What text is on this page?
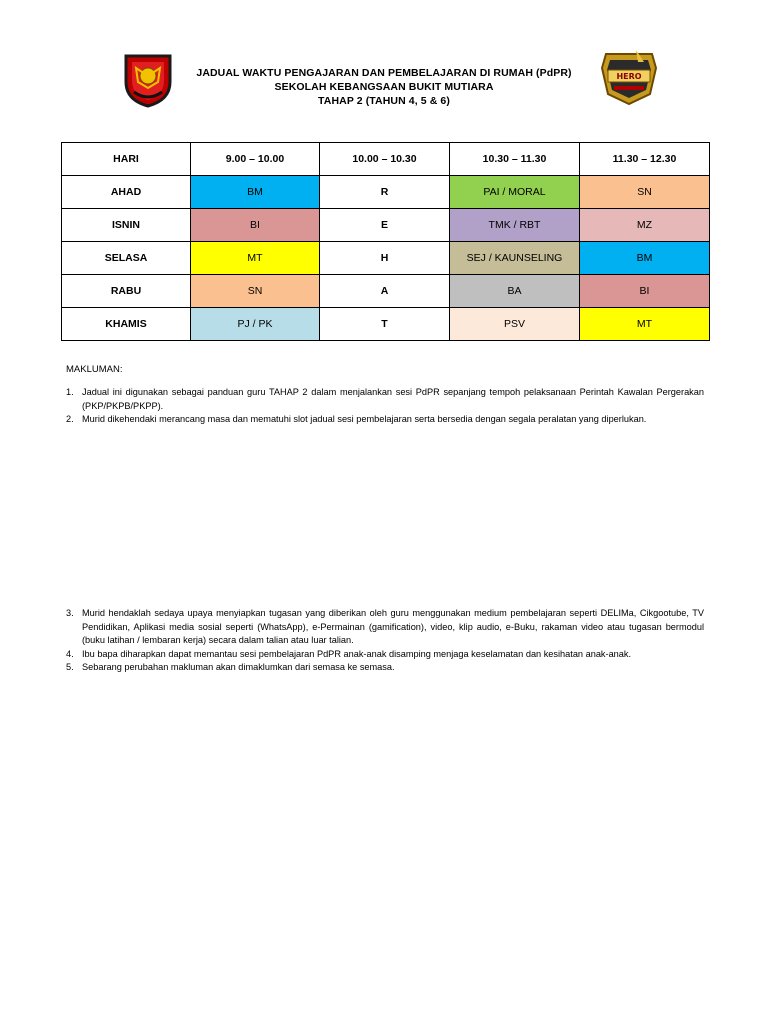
JADUAL WAKTU PENGAJARAN DAN PEMBELAJARAN DI RUMAH (PdPR)
SEKOLAH KEBANGSAAN BUKIT MUTIARA
TAHAP 2 (TAHUN 4, 5 & 6)
HERO
HARI	9.00 – 10.00	10.00 – 10.30	10.30 – 11.30	11.30 – 12.30
AHAD	BM	R	PAI / MORAL	SN
ISNIN	BI	E	TMK / RBT	MZ
SELASA	MT	H	SEJ / KAUNSELING	BM
RABU	SN	A	BA	BI
KHAMIS	PJ / PK	T	PSV	MT
MAKLUMAN:
1. Jadual ini digunakan sebagai panduan guru TAHAP 2 dalam menjalankan sesi PdPR sepanjang tempoh pelaksanaan Perintah Kawalan Pergerakan (PKP/PKPB/PKPP).
2. Murid dikehendaki merancang masa dan mematuhi slot jadual sesi pembelajaran serta bersedia dengan segala peralatan yang diperlukan.
3. Murid hendaklah sedaya upaya menyiapkan tugasan yang diberikan oleh guru menggunakan medium pembelajaran seperti DELIMa, Cikgootube, TV Pendidikan, Aplikasi media sosial seperti (WhatsApp), e-Permainan (gamification), video, klip audio, e-Buku, rakaman video atau tugasan bermodul (buku latihan / lembaran kerja) secara dalam talian atau luar talian.
4. Ibu bapa diharapkan dapat memantau sesi pembelajaran PdPR anak-anak disamping menjaga keselamatan dan kesihatan anak-anak.
5. Sebarang perubahan makluman akan dimaklumkan dari semasa ke semasa.
